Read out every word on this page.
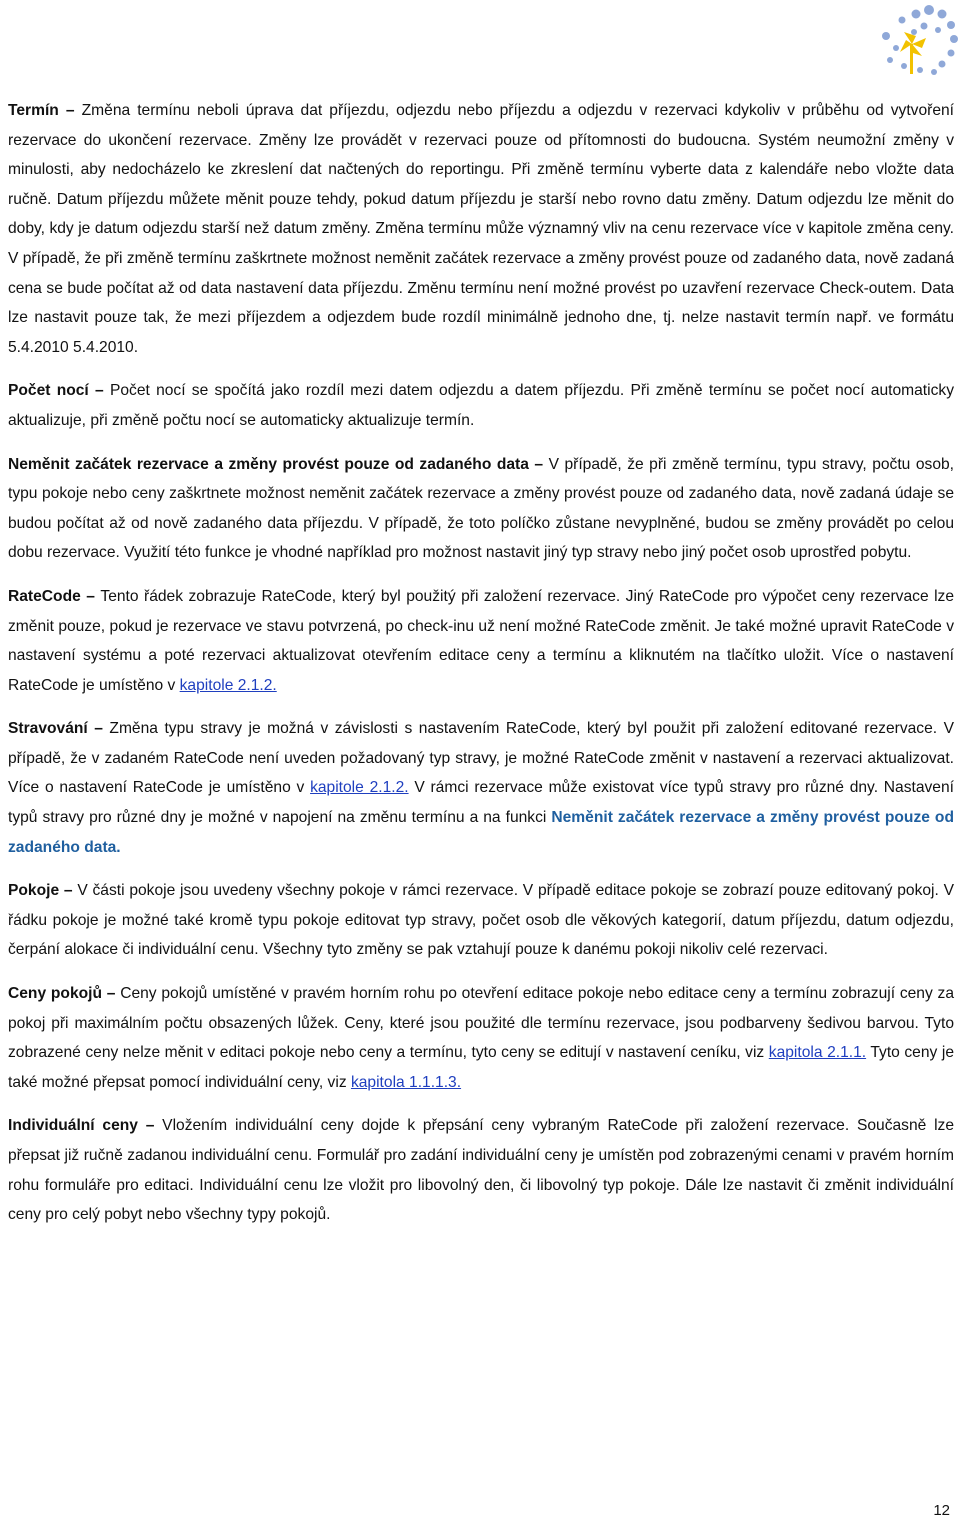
Termín – Změna termínu neboli úprava dat příjezdu, odjezdu nebo příjezdu a odjezdu v rezervaci kdykoliv v průběhu od vytvoření rezervace do ukončení rezervace. Změny lze provádět v rezervaci pouze od přítomnosti do budoucna. Systém neumožní změny v minulosti, aby nedocházelo ke zkreslení dat načtených do reportingu. Při změně termínu vyberte data z kalendáře nebo vložte data ručně. Datum příjezdu můžete měnit pouze tehdy, pokud datum příjezdu je starší nebo rovno datu změny. Datum odjezdu lze měnit do doby, kdy je datum odjezdu starší než datum změny. Změna termínu může významný vliv na cenu rezervace více v kapitole změna ceny. V případě, že při změně termínu zaškrtnete možnost neměnit začátek rezervace a změny provést pouze od zadaného data, nově zadaná cena se bude počítat až od data nastavení data příjezdu. Změnu termínu není možné provést po uzavření rezervace Check-outem. Data lze nastavit pouze tak, že mezi příjezdem a odjezdem bude rozdíl minimálně jednoho dne, tj. nelze nastavit termín např. ve formátu 5.4.2010 5.4.2010.

Počet nocí – Počet nocí se spočítá jako rozdíl mezi datem odjezdu a datem příjezdu. Při změně termínu se počet nocí automaticky aktualizuje, při změně počtu nocí se automaticky aktualizuje termín.

Neměnit začátek rezervace a změny provést pouze od zadaného data – V případě, že při změně termínu, typu stravy, počtu osob, typu pokoje nebo ceny zaškrtnete možnost neměnit začátek rezervace a změny provést pouze od zadaného data, nově zadaná údaje se budou počítat až od nově zadaného data příjezdu. V případě, že toto políčko zůstane nevyplněné, budou se změny provádět po celou dobu rezervace. Využití této funkce je vhodné například pro možnost nastavit jiný typ stravy nebo jiný počet osob uprostřed pobytu.

RateCode – Tento řádek zobrazuje RateCode, který byl použitý při založení rezervace. Jiný RateCode pro výpočet ceny rezervace lze změnit pouze, pokud je rezervace ve stavu potvrzená, po check-inu už není možné RateCode změnit. Je také možné upravit RateCode v nastavení systému a poté rezervaci aktualizovat otevřením editace ceny a termínu a kliknutém na tlačítko uložit. Více o nastavení RateCode je umístěno v kapitole 2.1.2.

Stravování – Změna typu stravy je možná v závislosti s nastavením RateCode, který byl použit při založení editované rezervace. V případě, že v zadaném RateCode není uveden požadovaný typ stravy, je možné RateCode změnit v nastavení a rezervaci aktualizovat. Více o nastavení RateCode je umístěno v kapitole 2.1.2. V rámci rezervace může existovat více typů stravy pro různé dny. Nastavení typů stravy pro různé dny je možné v napojení na změnu termínu a na funkci Neměnit začátek rezervace a změny provést pouze od zadaného data.

Pokoje – V části pokoje jsou uvedeny všechny pokoje v rámci rezervace. V případě editace pokoje se zobrazí pouze editovaný pokoj. V řádku pokoje je možné také kromě typu pokoje editovat typ stravy, počet osob dle věkových kategorií, datum příjezdu, datum odjezdu, čerpání alokace či individuální cenu. Všechny tyto změny se pak vztahují pouze k danému pokoji nikoliv celé rezervaci.

Ceny pokojů – Ceny pokojů umístěné v pravém horním rohu po otevření editace pokoje nebo editace ceny a termínu zobrazují ceny za pokoj při maximálním počtu obsazených lůžek. Ceny, které jsou použité dle termínu rezervace, jsou podbarveny šedivou barvou. Tyto zobrazené ceny nelze měnit v editaci pokoje nebo ceny a termínu, tyto ceny se editují v nastavení ceníku, viz kapitola 2.1.1. Tyto ceny je také možné přepsat pomocí individuální ceny, viz kapitola 1.1.1.3.

Individuální ceny – Vložením individuální ceny dojde k přepsání ceny vybraným RateCode při založení rezervace. Současně lze přepsat již ručně zadanou individuální cenu. Formulář pro zadání individuální ceny je umístěn pod zobrazenými cenami v pravém horním rohu formuláře pro editaci. Individuální cenu lze vložit pro libovolný den, či libovolný typ pokoje. Dále lze nastavit či změnit individuální ceny pro celý pobyt nebo všechny typy pokojů.

12
